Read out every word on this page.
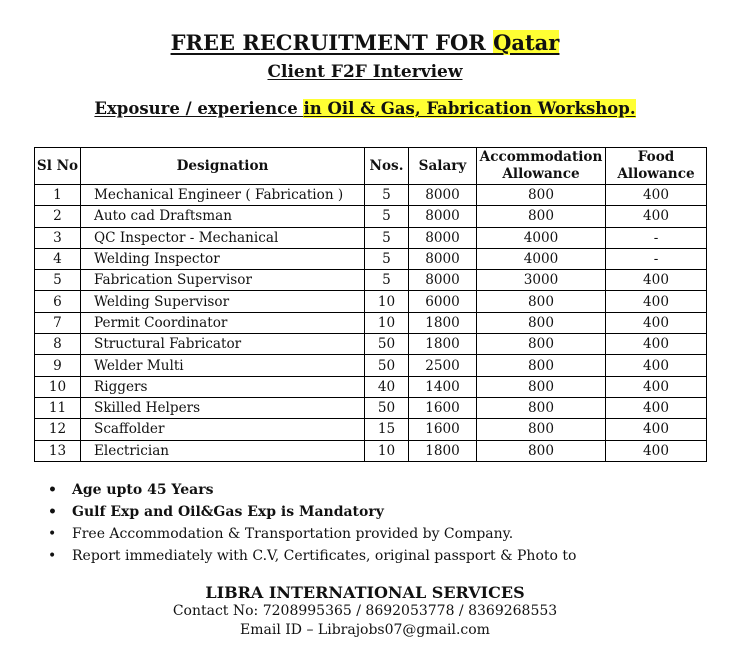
FREE RECRUITMENT FOR Qatar
Client F2F Interview
Exposure / experience in Oil & Gas, Fabrication Workshop.
Sl No	Designation	Nos.	Salary	Accommodation Allowance	Food Allowance
1	Mechanical Engineer ( Fabrication )	5	8000	800	400
2	Auto cad Draftsman	5	8000	800	400
3	QC Inspector - Mechanical	5	8000	4000	-
4	Welding Inspector	5	8000	4000	-
5	Fabrication Supervisor	5	8000	3000	400
6	Welding Supervisor	10	6000	800	400
7	Permit Coordinator	10	1800	800	400
8	Structural Fabricator	50	1800	800	400
9	Welder Multi	50	2500	800	400
10	Riggers	40	1400	800	400
11	Skilled Helpers	50	1600	800	400
12	Scaffolder	15	1600	800	400
13	Electrician	10	1800	800	400
• Age upto 45 Years
• Gulf Exp and Oil&Gas Exp is Mandatory
• Free Accommodation & Transportation provided by Company.
• Report immediately with C.V, Certificates, original passport & Photo to
LIBRA INTERNATIONAL SERVICES
Contact No: 7208995365 / 8692053778 / 8369268553
Email ID – Librajobs07@gmail.com
